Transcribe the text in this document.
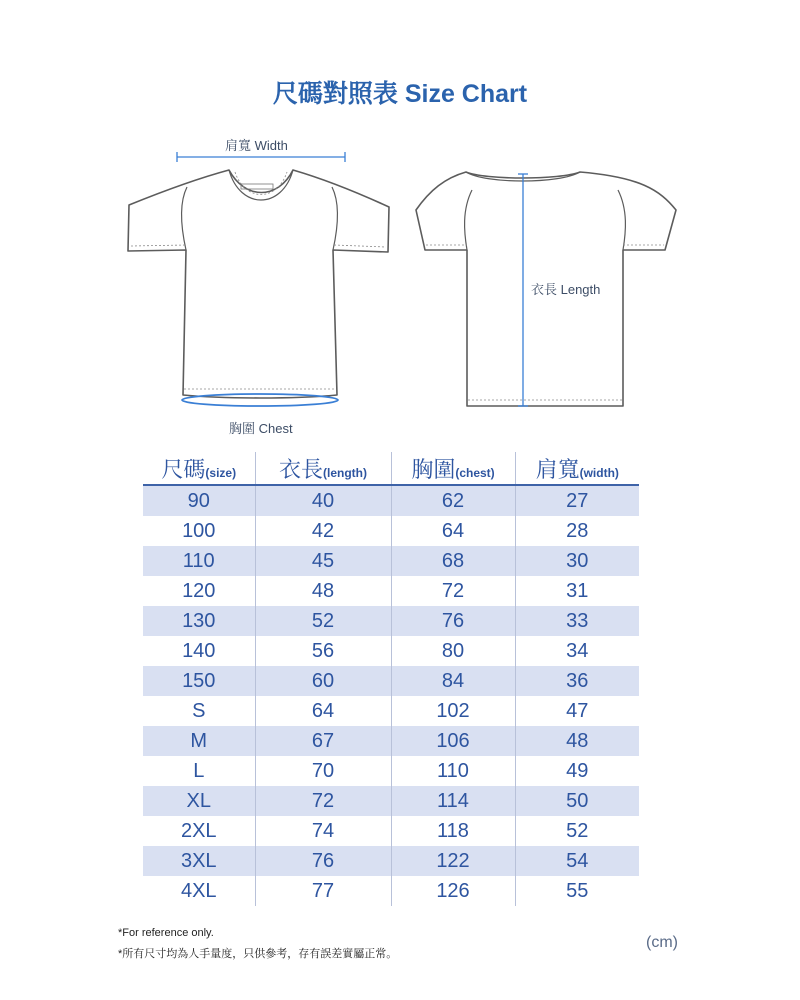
尺碼對照表 Size Chart
肩寬 Width
衣長 Length
胸圍 Chest
尺碼(size)	衣長(length)	胸圍(chest)	肩寬(width)
90	40	62	27
100	42	64	28
110	45	68	30
120	48	72	31
130	52	76	33
140	56	80	34
150	60	84	36
S	64	102	47
M	67	106	48
L	70	110	49
XL	72	114	50
2XL	74	118	52
3XL	76	122	54
4XL	77	126	55
*For reference only.
*所有尺寸均為人手量度，只供參考，存有誤差實屬正常。
(cm)
